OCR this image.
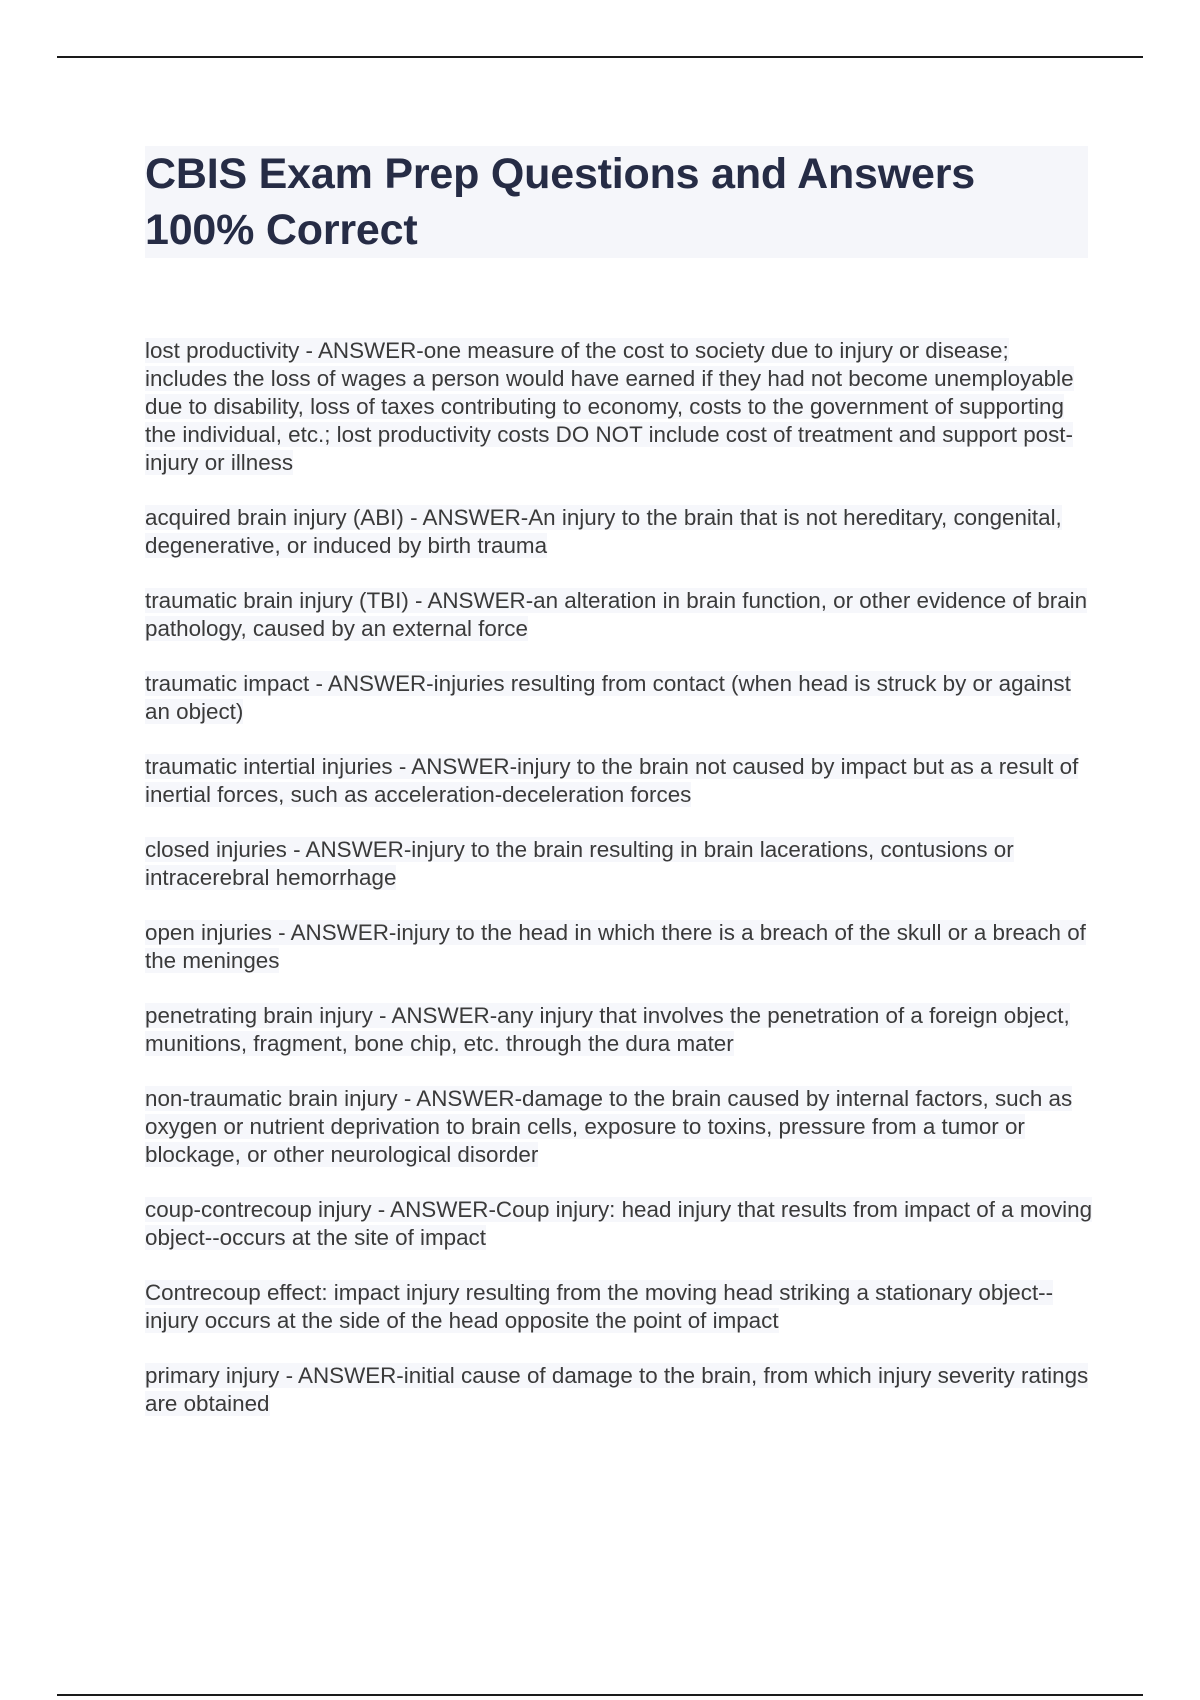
CBIS Exam Prep Questions and Answers 100% Correct

lost productivity - ANSWER-one measure of the cost to society due to injury or disease; includes the loss of wages a person would have earned if they had not become unemployable due to disability, loss of taxes contributing to economy, costs to the government of supporting the individual, etc.; lost productivity costs DO NOT include cost of treatment and support post-injury or illness

acquired brain injury (ABI) - ANSWER-An injury to the brain that is not hereditary, congenital, degenerative, or induced by birth trauma

traumatic brain injury (TBI) - ANSWER-an alteration in brain function, or other evidence of brain pathology, caused by an external force

traumatic impact - ANSWER-injuries resulting from contact (when head is struck by or against an object)

traumatic intertial injuries - ANSWER-injury to the brain not caused by impact but as a result of inertial forces, such as acceleration-deceleration forces

closed injuries - ANSWER-injury to the brain resulting in brain lacerations, contusions or intracerebral hemorrhage

open injuries - ANSWER-injury to the head in which there is a breach of the skull or a breach of the meninges

penetrating brain injury - ANSWER-any injury that involves the penetration of a foreign object, munitions, fragment, bone chip, etc. through the dura mater

non-traumatic brain injury - ANSWER-damage to the brain caused by internal factors, such as oxygen or nutrient deprivation to brain cells, exposure to toxins, pressure from a tumor or blockage, or other neurological disorder

coup-contrecoup injury - ANSWER-Coup injury: head injury that results from impact of a moving object--occurs at the site of impact

Contrecoup effect: impact injury resulting from the moving head striking a stationary object--injury occurs at the side of the head opposite the point of impact

primary injury - ANSWER-initial cause of damage to the brain, from which injury severity ratings are obtained
